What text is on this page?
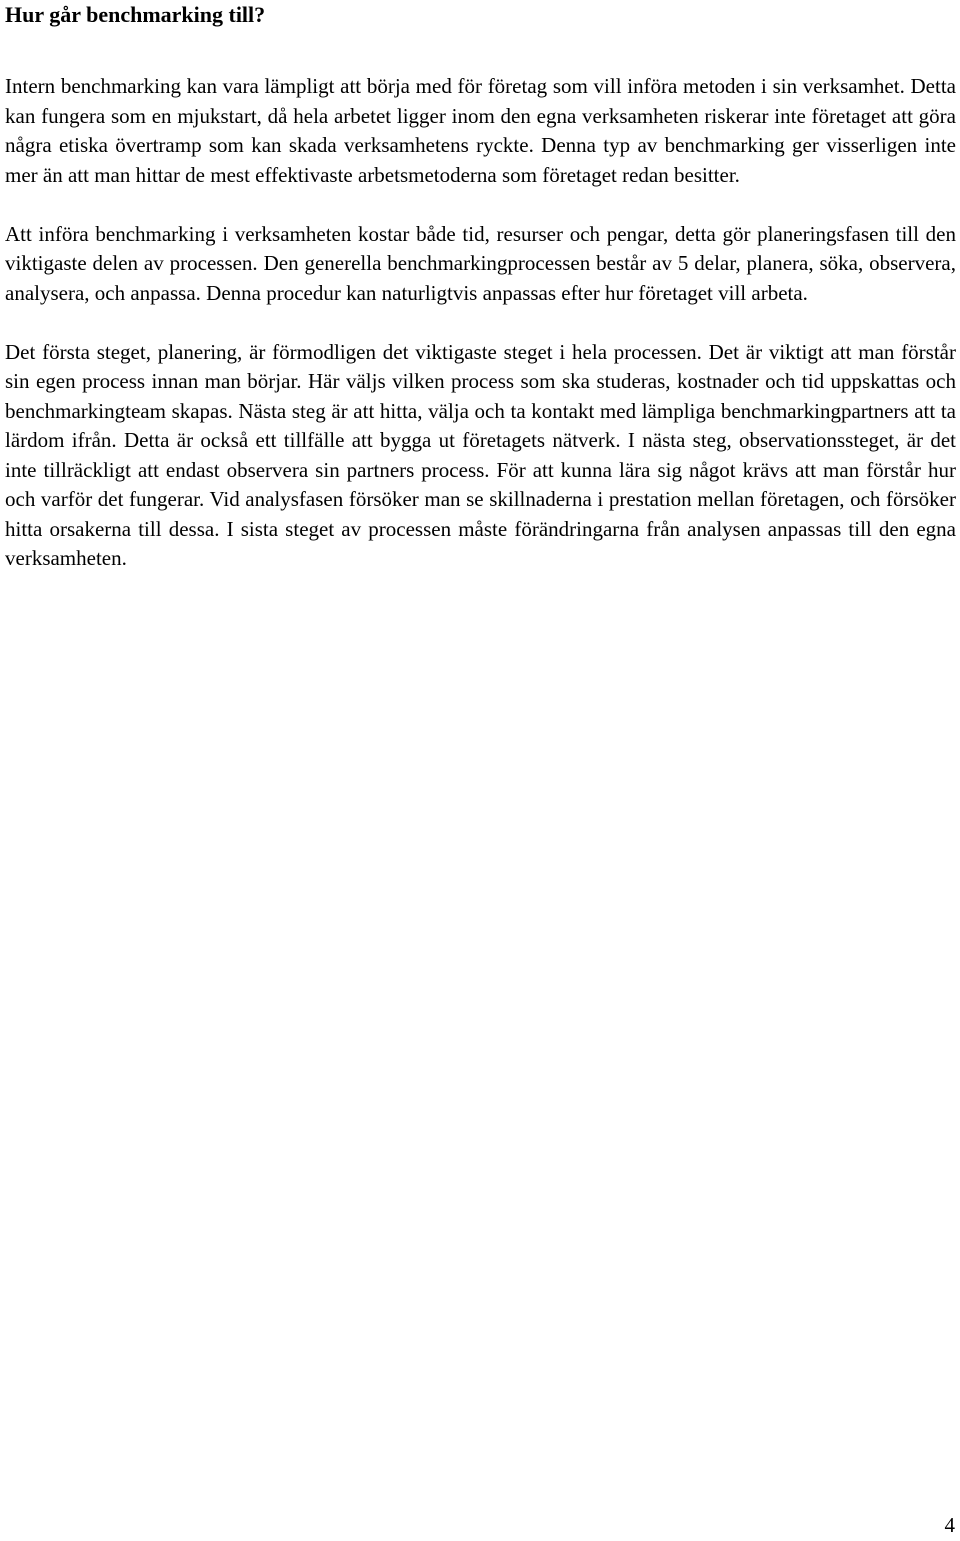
Hur går benchmarking till?

Intern benchmarking kan vara lämpligt att börja med för företag som vill införa metoden i sin verksamhet. Detta kan fungera som en mjukstart, då hela arbetet ligger inom den egna verksamheten riskerar inte företaget att göra några etiska övertramp som kan skada verksamhetens ryckte. Denna typ av benchmarking ger visserligen inte mer än att man hittar de mest effektivaste arbetsmetoderna som företaget redan besitter.

Att införa benchmarking i verksamheten kostar både tid, resurser och pengar, detta gör planeringsfasen till den viktigaste delen av processen. Den generella benchmarkingprocessen består av 5 delar, planera, söka, observera, analysera, och anpassa. Denna procedur kan naturligtvis anpassas efter hur företaget vill arbeta.

Det första steget, planering, är förmodligen det viktigaste steget i hela processen. Det är viktigt att man förstår sin egen process innan man börjar. Här väljs vilken process som ska studeras, kostnader och tid uppskattas och benchmarkingteam skapas. Nästa steg är att hitta, välja och ta kontakt med lämpliga benchmarkingpartners att ta lärdom ifrån. Detta är också ett tillfälle att bygga ut företagets nätverk. I nästa steg, observationssteget, är det inte tillräckligt att endast observera sin partners process. För att kunna lära sig något krävs att man förstår hur och varför det fungerar. Vid analysfasen försöker man se skillnaderna i prestation mellan företagen, och försöker hitta orsakerna till dessa. I sista steget av processen måste förändringarna från analysen anpassas till den egna verksamheten.

4
